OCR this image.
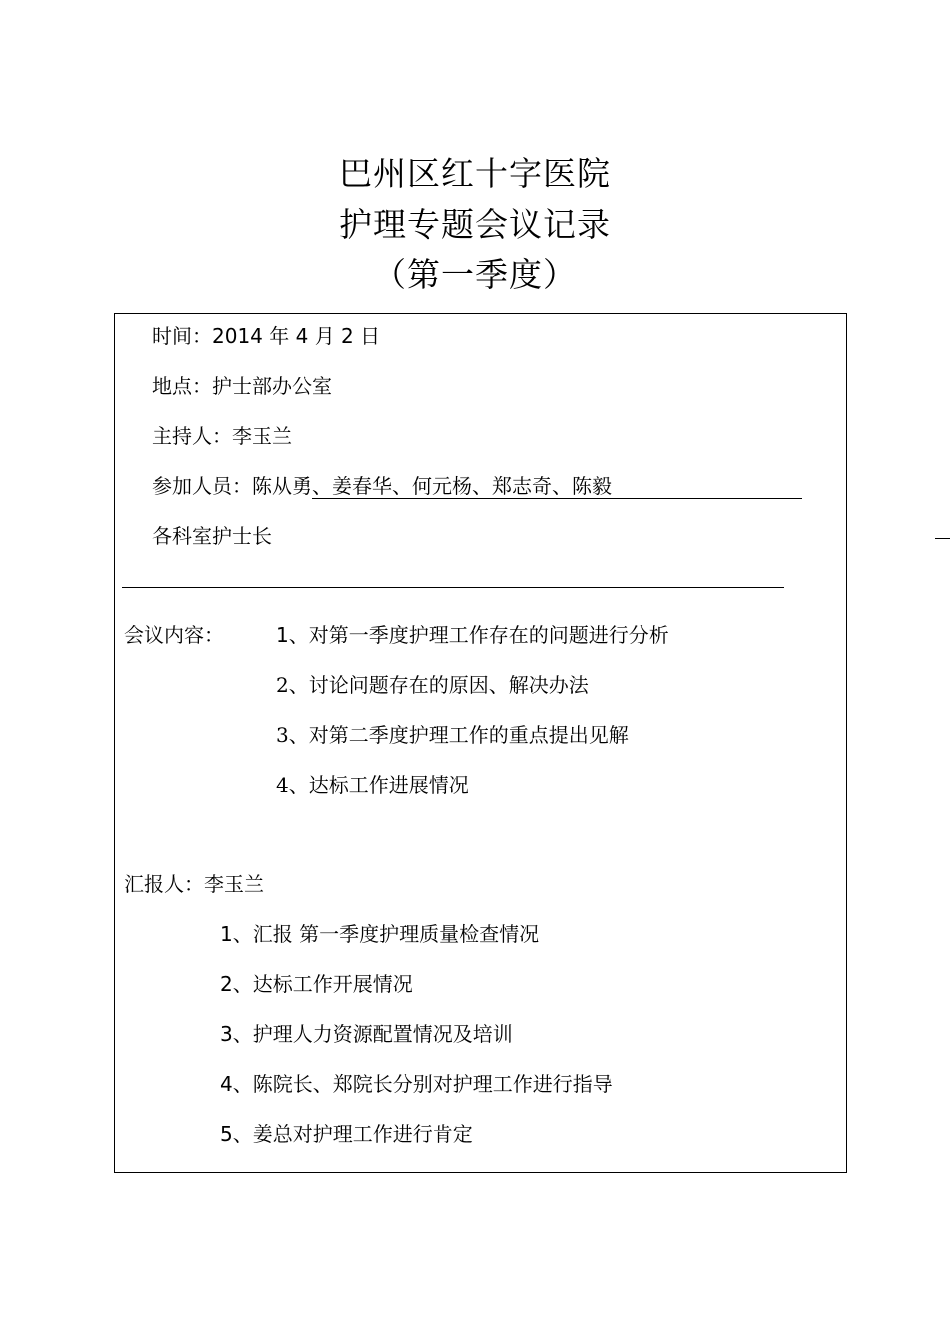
巴州区红十字医院
护理专题会议记录
（第一季度）
时间：2014 年 4 月 2 日
地点：护士部办公室
主持人：李玉兰
参加人员：陈从勇、姜春华、何元杨、郑志奇、陈毅
各科室护士长
会议内容：	1、对第一季度护理工作存在的问题进行分析
2、讨论问题存在的原因、解决办法
3、对第二季度护理工作的重点提出见解
4、达标工作进展情况
汇报人：李玉兰
1、汇报 第一季度护理质量检查情况
2、达标工作开展情况
3、护理人力资源配置情况及培训
4、陈院长、郑院长分别对护理工作进行指导
5、姜总对护理工作进行肯定
